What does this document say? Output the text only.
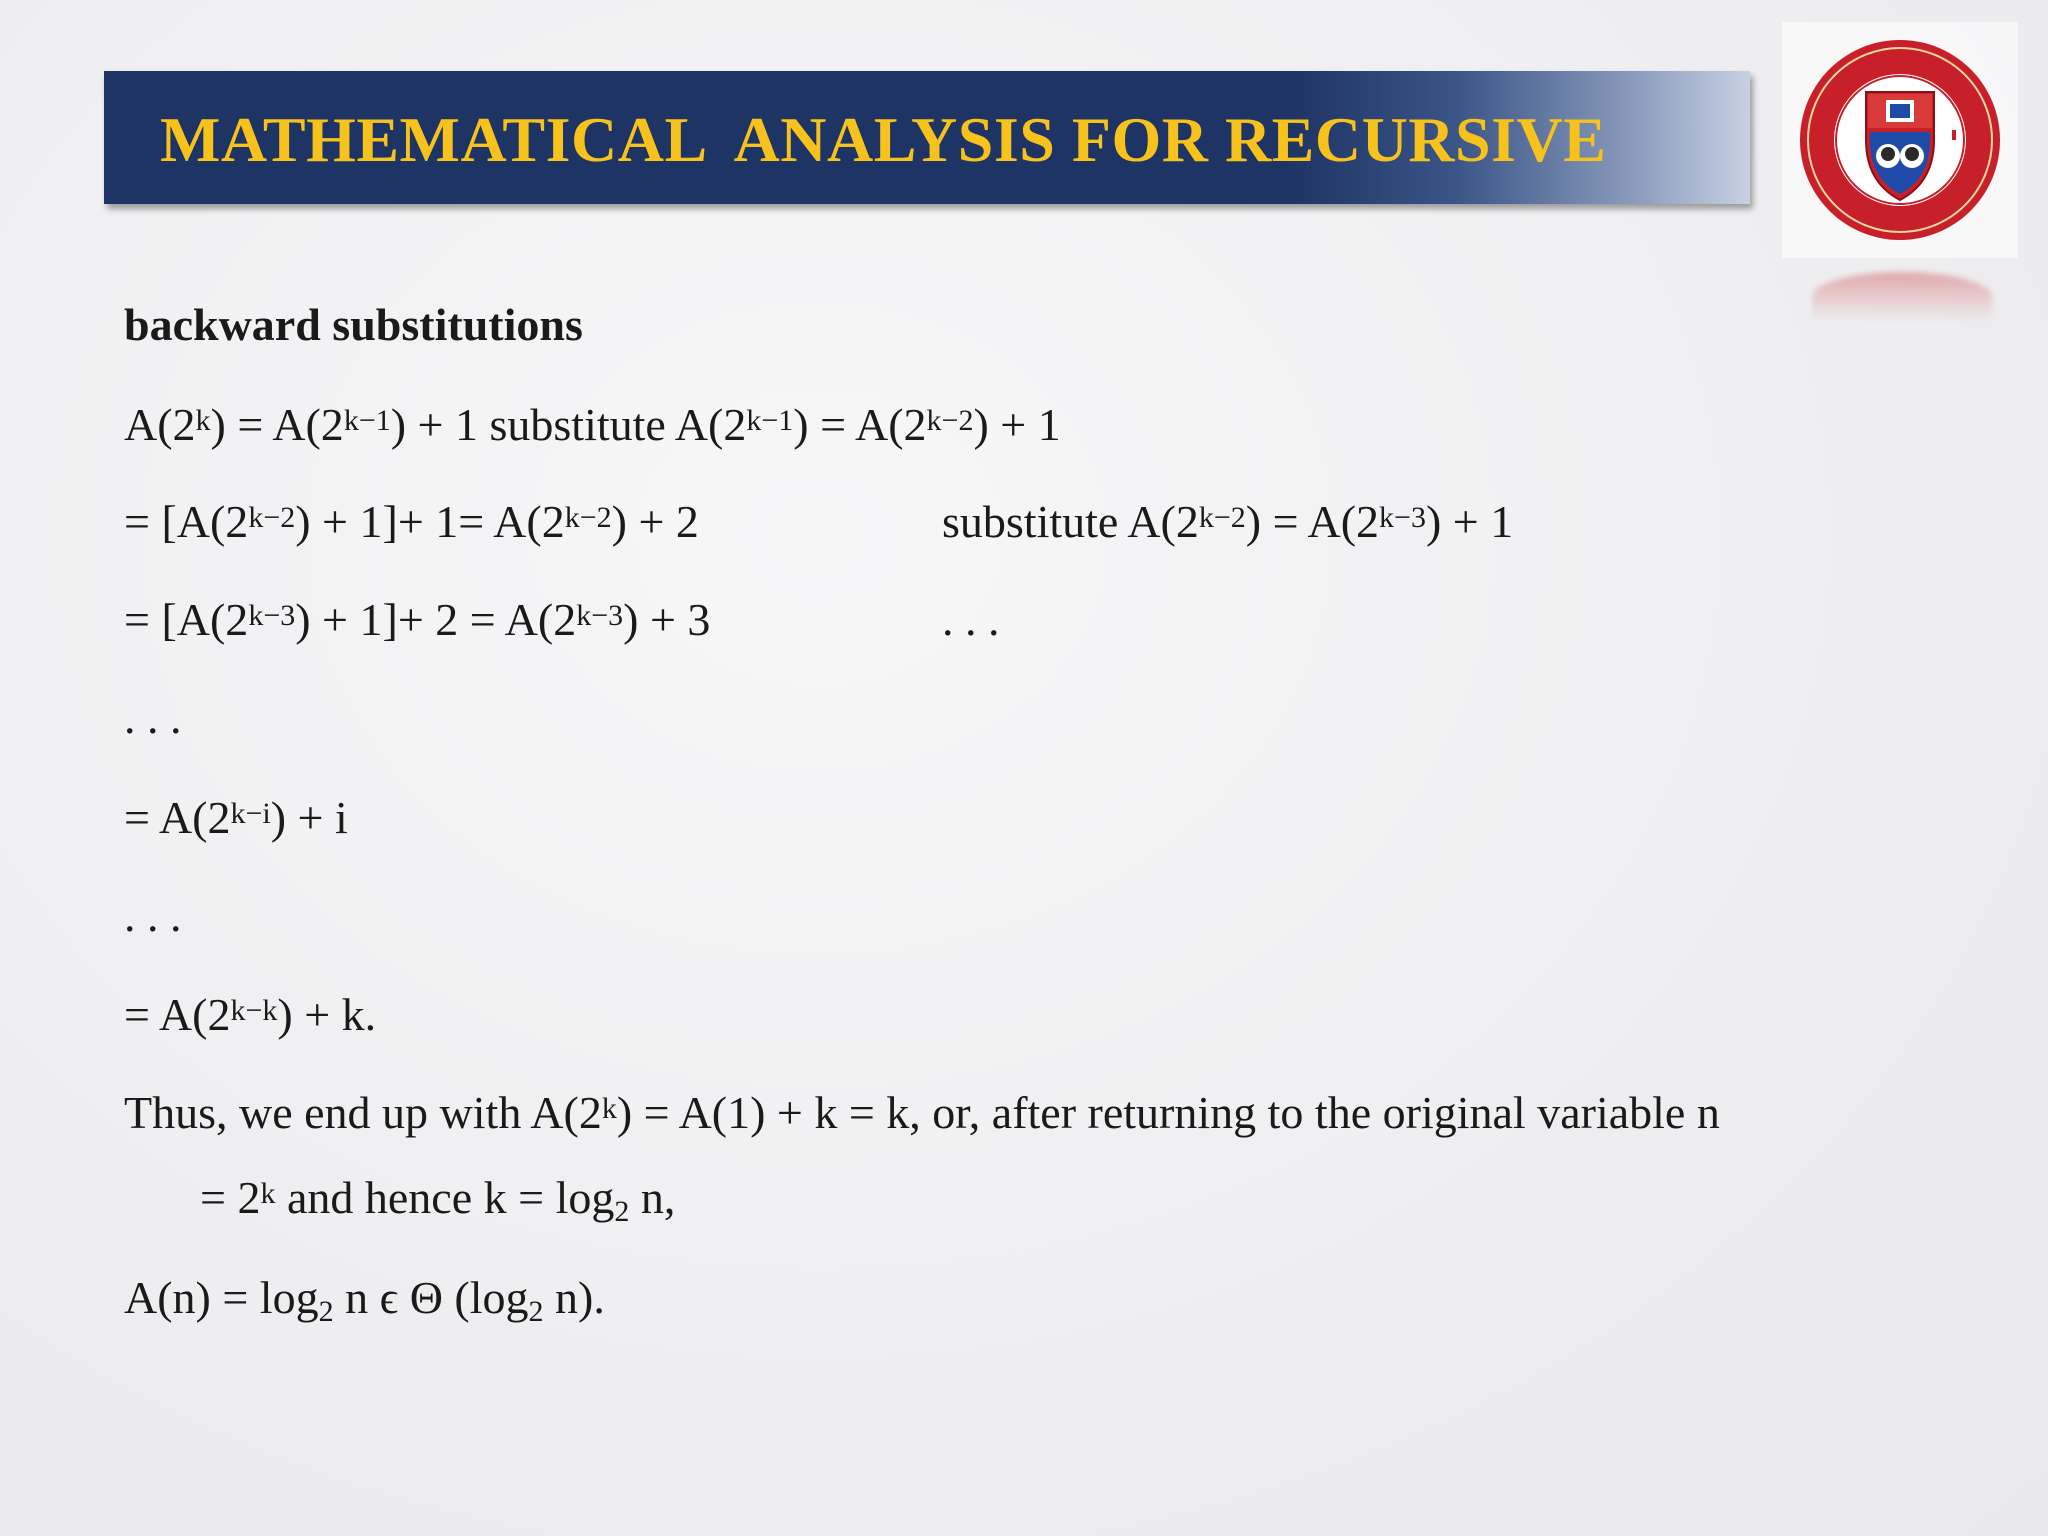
MATHEMATICAL  ANALYSIS FOR RECURSIVE
backward substitutions
$A(2^k) = A(2^{k-1}) + 1$ substitute $A(2^{k-1}) = A(2^{k-2}) + 1$
= $[A(2^{k-2}) + 1]+ 1= A(2^{k-2}) + 2$	substitute $A(2^{k-2}) = A(2^{k-3}) + 1$
= $[A(2^{k-3}) + 1]+ 2 = A(2^{k-3}) + 3$	. . .
. . .
= $A(2^{k-i}) + i$
. . .
= $A(2^{k-k}) + k$.
Thus, we end up with $A(2^k) = A(1) + k = k$, or, after returning to the original variable n
= $2^k$ and hence $k = \log_2 n$,
$A(n) = \log_2 n$ ϵ Θ ($\log_2$ n).
